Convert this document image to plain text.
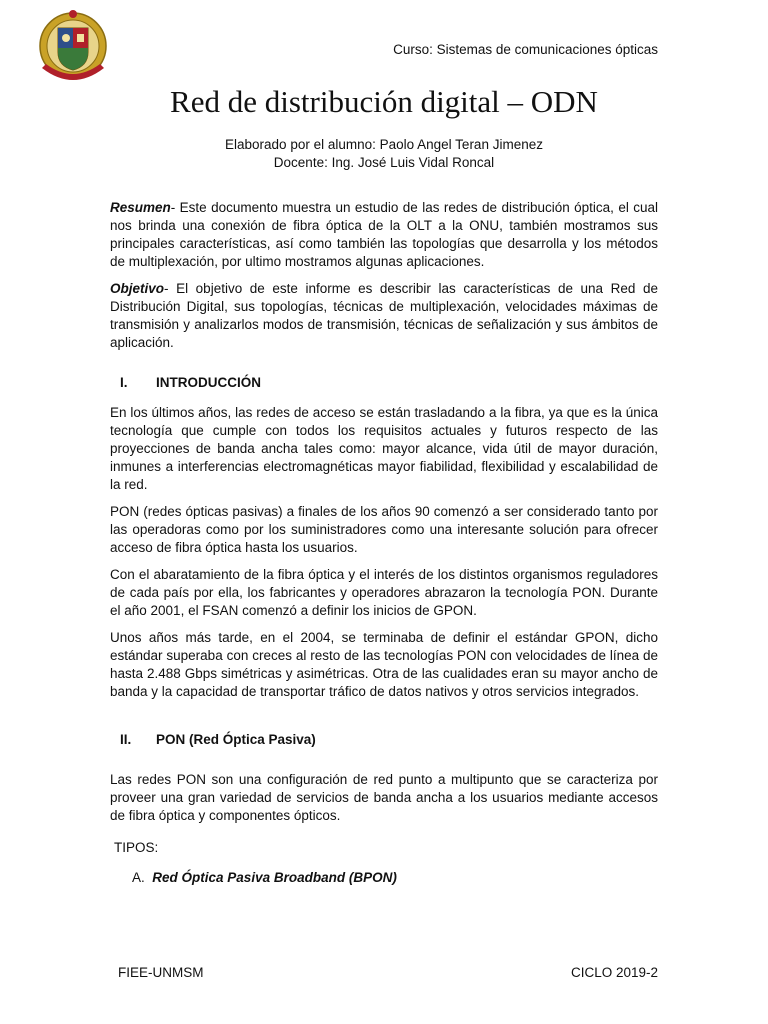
Curso: Sistemas de comunicaciones ópticas
Red de distribución digital – ODN
Elaborado por el alumno: Paolo Angel Teran Jimenez
Docente: Ing. José Luis Vidal Roncal

Resumen- Este documento muestra un estudio de las redes de distribución óptica, el cual nos brinda una conexión de fibra óptica de la OLT a la ONU, también mostramos sus principales características, así como también las topologías que desarrolla y los métodos de multiplexación, por ultimo mostramos algunas aplicaciones.

Objetivo- El objetivo de este informe es describir las características de una Red de Distribución Digital, sus topologías, técnicas de multiplexación, velocidades máximas de transmisión y analizarlos modos de transmisión, técnicas de señalización y sus ámbitos de aplicación.

I. INTRODUCCIÓN

En los últimos años, las redes de acceso se están trasladando a la fibra, ya que es la única tecnología que cumple con todos los requisitos actuales y futuros respecto de las proyecciones de banda ancha tales como: mayor alcance, vida útil de mayor duración, inmunes a interferencias electromagnéticas mayor fiabilidad, flexibilidad y escalabilidad de la red.

PON (redes ópticas pasivas) a finales de los años 90 comenzó a ser considerado tanto por las operadoras como por los suministradores como una interesante solución para ofrecer acceso de fibra óptica hasta los usuarios.

Con el abaratamiento de la fibra óptica y el interés de los distintos organismos reguladores de cada país por ella, los fabricantes y operadores abrazaron la tecnología PON. Durante el año 2001, el FSAN comenzó a definir los inicios de GPON.

Unos años más tarde, en el 2004, se terminaba de definir el estándar GPON, dicho estándar superaba con creces al resto de las tecnologías PON con velocidades de línea de hasta 2.488 Gbps simétricas y asimétricas. Otra de las cualidades eran su mayor ancho de banda y la capacidad de transportar tráfico de datos nativos y otros servicios integrados.

II. PON (Red Óptica Pasiva)

Las redes PON son una configuración de red punto a multipunto que se caracteriza por proveer una gran variedad de servicios de banda ancha a los usuarios mediante accesos de fibra óptica y componentes ópticos.

TIPOS:

A. Red Óptica Pasiva Broadband (BPON)

FIEE-UNMSM	CICLO 2019-2
